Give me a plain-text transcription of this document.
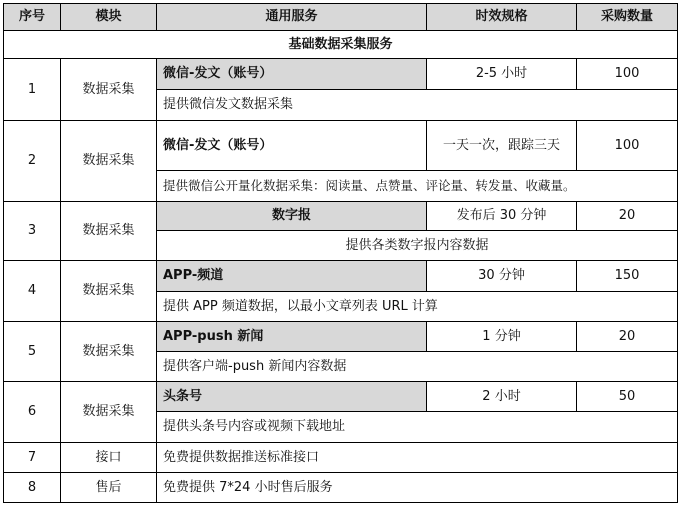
序号	模块	通用服务	时效规格	采购数量
基础数据采集服务				
1	数据采集	微信-发文（账号）	2-5 小时	100
		提供微信发文数据采集		
2	数据采集	微信-发文（账号）	一天一次，跟踪三天	100
		提供微信公开量化数据采集：阅读量、点赞量、评论量、转发量、收藏量。		
3	数据采集	数字报	发布后 30 分钟	20
		提供各类数字报内容数据		
4	数据采集	APP-频道	30 分钟	150
		提供 APP 频道数据，以最小文章列表 URL 计算		
5	数据采集	APP-push 新闻	1 分钟	20
		提供客户端-push 新闻内容数据		
6	数据采集	头条号	2 小时	50
		提供头条号内容或视频下载地址		
7	接口	免费提供数据推送标准接口		
8	售后	免费提供 7*24 小时售后服务		
